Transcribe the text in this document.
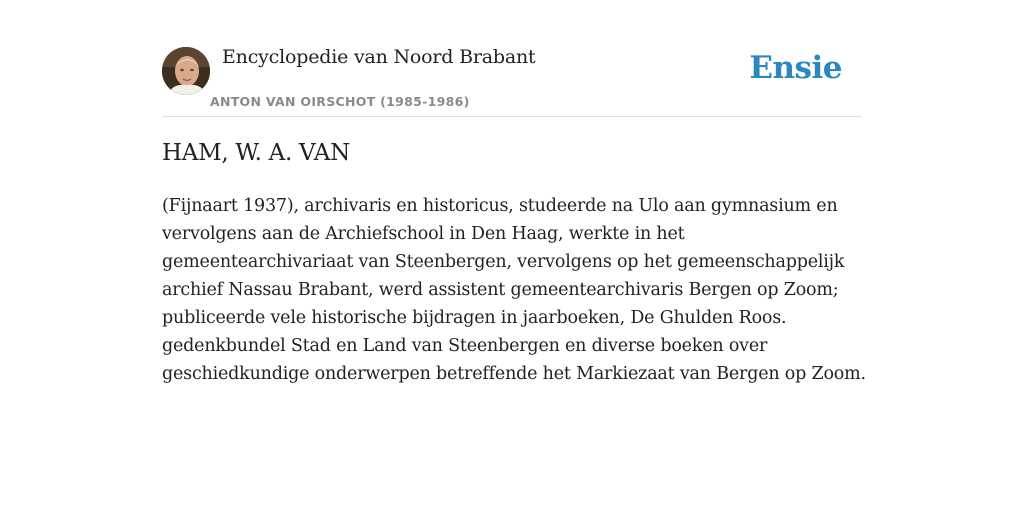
Encyclopedie van Noord Brabant
ANTON VAN OIRSCHOT (1985-1986)
Ensie
HAM, W. A. VAN

(Fijnaart 1937), archivaris en historicus, studeerde na Ulo aan gymnasium en
vervolgens aan de Archiefschool in Den Haag, werkte in het
gemeentearchivariaat van Steenbergen, vervolgens op het gemeenschappelijk
archief Nassau Brabant, werd assistent gemeentearchivaris Bergen op Zoom;
publiceerde vele historische bijdragen in jaarboeken, De Ghulden Roos.
gedenkbundel Stad en Land van Steenbergen en diverse boeken over
geschiedkundige onderwerpen betreffende het Markiezaat van Bergen op Zoom.
